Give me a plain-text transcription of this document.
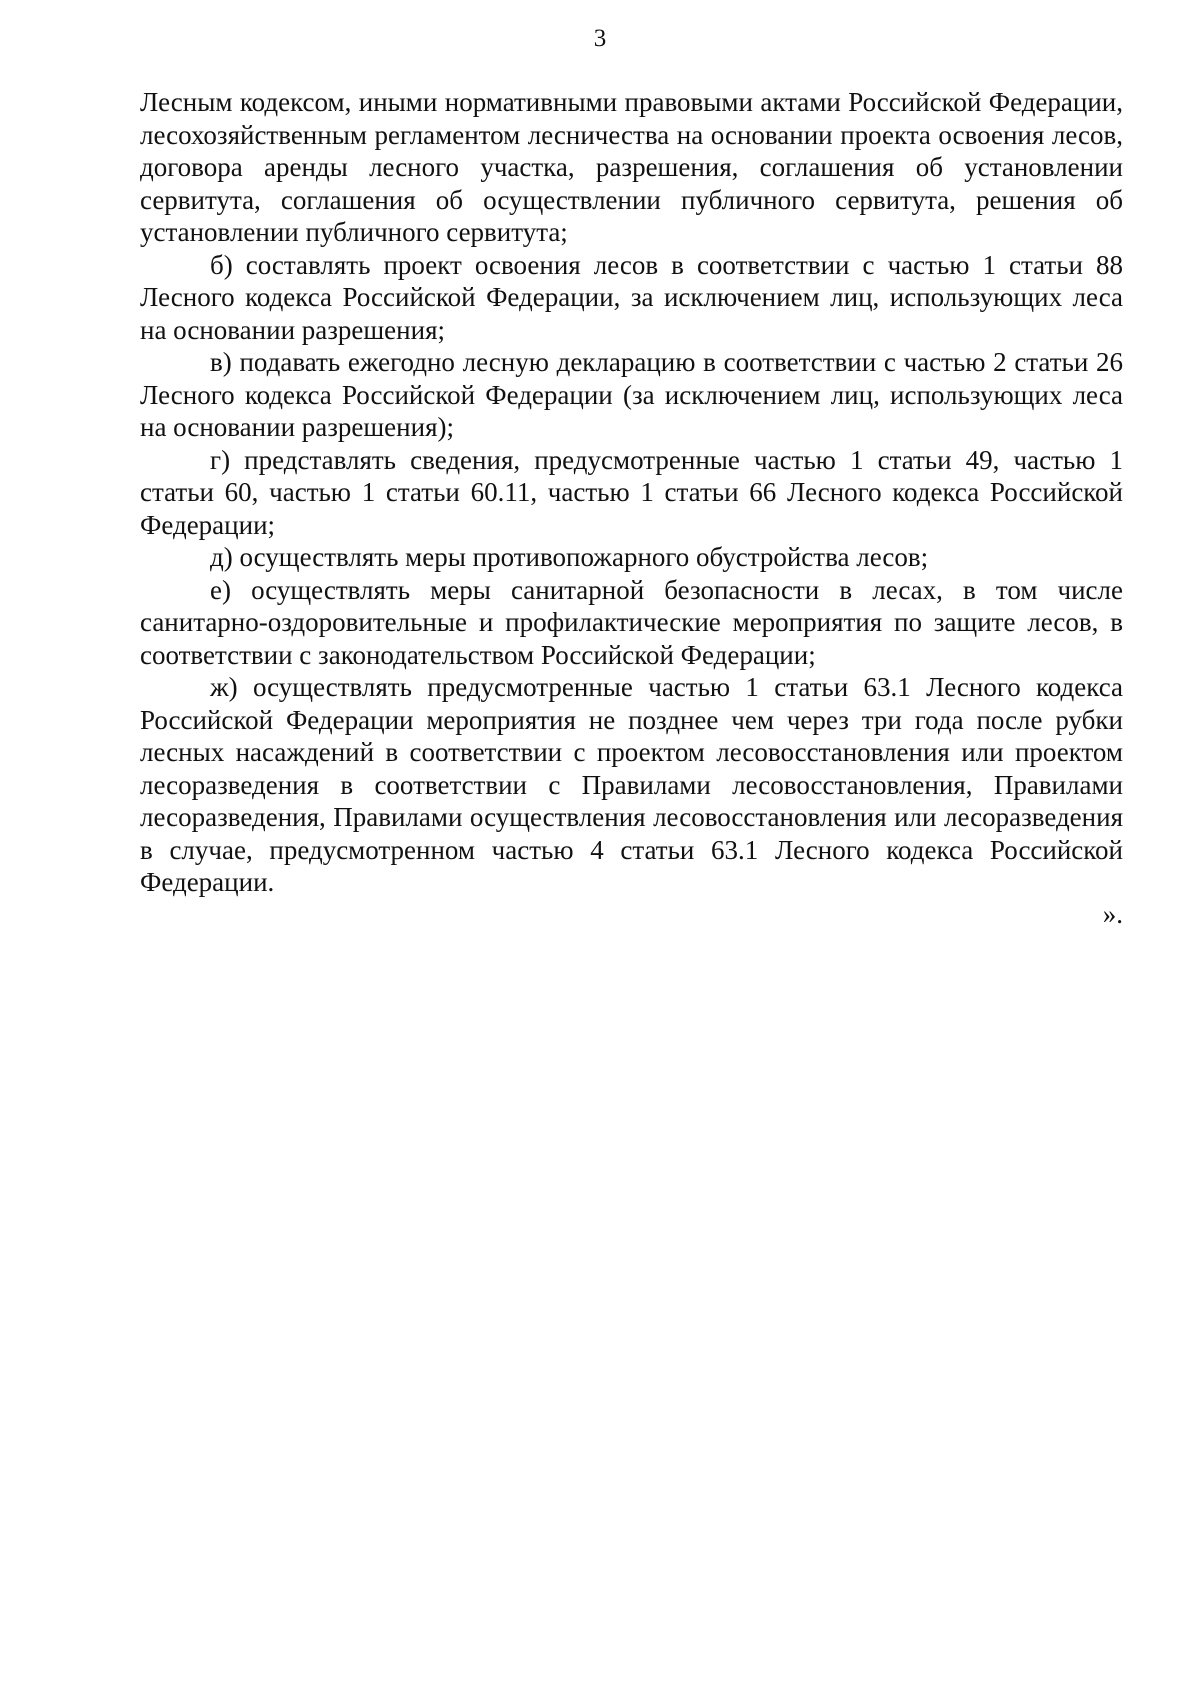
3

Лесным кодексом, иными нормативными правовыми актами Российской Федерации, лесохозяйственным регламентом лесничества на основании проекта освоения лесов, договора аренды лесного участка, разрешения, соглашения об установлении сервитута, соглашения об осуществлении публичного сервитута, решения об установлении публичного сервитута;

б) составлять проект освоения лесов в соответствии с частью 1 статьи 88 Лесного кодекса Российской Федерации, за исключением лиц, использующих леса на основании разрешения;

в) подавать ежегодно лесную декларацию в соответствии с частью 2 статьи 26 Лесного кодекса Российской Федерации (за исключением лиц, использующих леса на основании разрешения);

г) представлять сведения, предусмотренные частью 1 статьи 49, частью 1 статьи 60, частью 1 статьи 60.11, частью 1 статьи 66 Лесного кодекса Российской Федерации;

д) осуществлять меры противопожарного обустройства лесов;

е) осуществлять меры санитарной безопасности в лесах, в том числе санитарно-оздоровительные и профилактические мероприятия по защите лесов, в соответствии с законодательством Российской Федерации;

ж) осуществлять предусмотренные частью 1 статьи 63.1 Лесного кодекса Российской Федерации мероприятия не позднее чем через три года после рубки лесных насаждений в соответствии с проектом лесовосстановления или проектом лесоразведения в соответствии с Правилами лесовосстановления, Правилами лесоразведения, Правилами осуществления лесовосстановления или лесоразведения в случае, предусмотренном частью 4 статьи 63.1 Лесного кодекса Российской Федерации.

».
